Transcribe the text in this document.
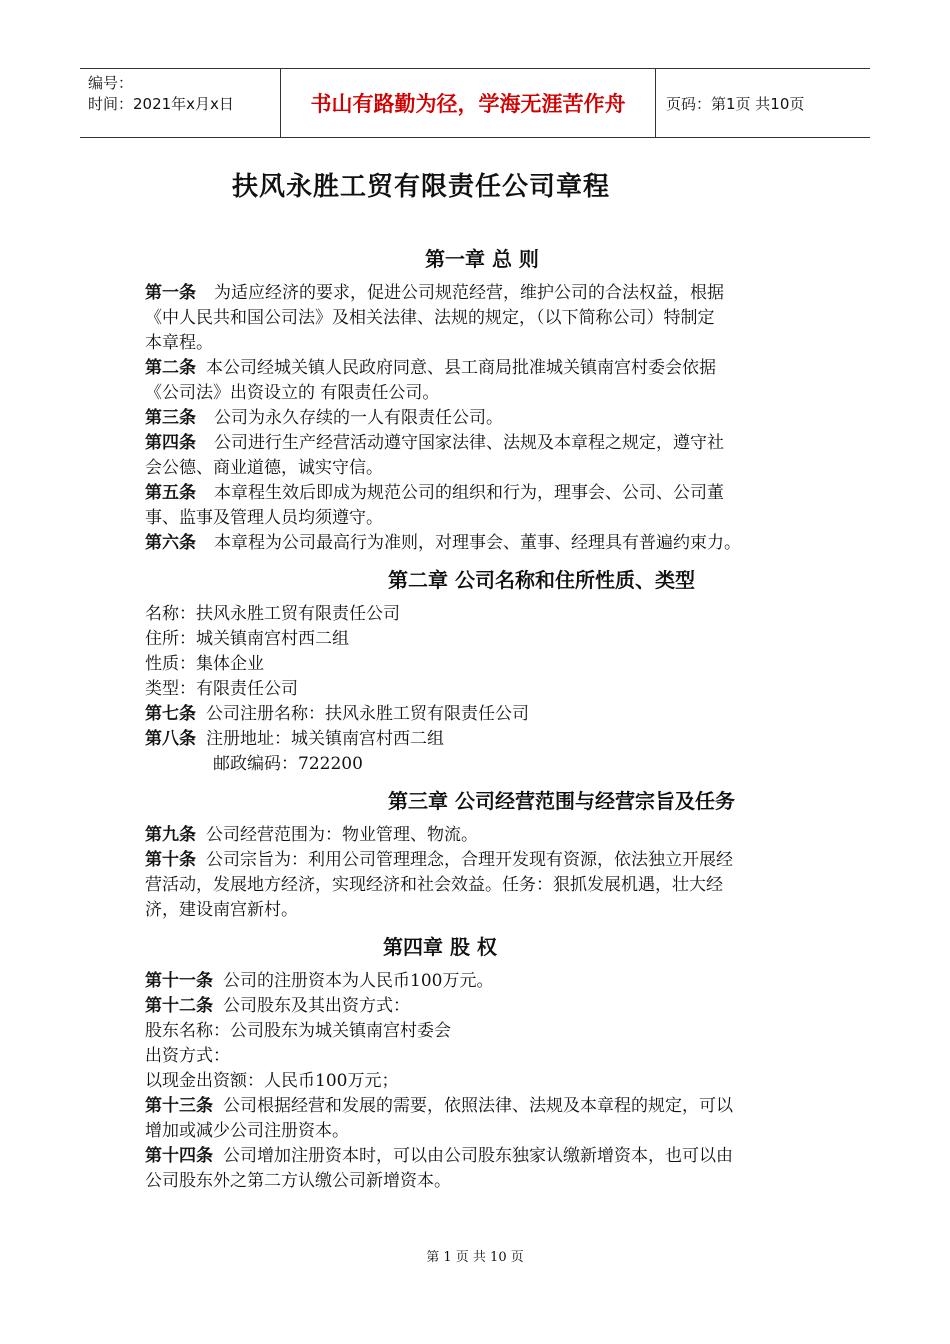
编号：
时间：2021年x月x日	书山有路勤为径，学海无涯苦作舟	页码：第1页 共10页
扶风永胜工贸有限责任公司章程
第一章 总 则

第一条 为适应经济的要求，促进公司规范经营，维护公司的合法权益，根据

《中人民共和国公司法》及相关法律、法规的规定，（以下简称公司）特制定

本章程。

第二条 本公司经城关镇人民政府同意、县工商局批准城关镇南宫村委会依据

《公司法》出资设立的 有限责任公司。

第三条 公司为永久存续的一人有限责任公司。

第四条 公司进行生产经营活动遵守国家法律、法规及本章程之规定，遵守社

会公德、商业道德，诚实守信。

第五条 本章程生效后即成为规范公司的组织和行为，理事会、公司、公司董

事、监事及管理人员均须遵守。

第六条 本章程为公司最高行为准则，对理事会、董事、经理具有普遍约束力。

第二章 公司名称和住所性质、类型

名称：扶风永胜工贸有限责任公司

住所：城关镇南宫村西二组

性质：集体企业

类型：有限责任公司

第七条 公司注册名称：扶风永胜工贸有限责任公司

第八条 注册地址：城关镇南宫村西二组

邮政编码：722200

第三章 公司经营范围与经营宗旨及任务

第九条 公司经营范围为：物业管理、物流。

第十条 公司宗旨为：利用公司管理理念，合理开发现有资源，依法独立开展经

营活动，发展地方经济，实现经济和社会效益。任务：狠抓发展机遇，壮大经

济，建设南宫新村。

第四章 股 权

第十一条 公司的注册资本为人民币100万元。

第十二条 公司股东及其出资方式：

股东名称：公司股东为城关镇南宫村委会

出资方式：

以现金出资额：人民币100万元；

第十三条 公司根据经营和发展的需要，依照法律、法规及本章程的规定，可以

增加或减少公司注册资本。

第十四条 公司增加注册资本时，可以由公司股东独家认缴新增资本，也可以由

公司股东外之第二方认缴公司新增资本。

第 1 页 共 10 页
